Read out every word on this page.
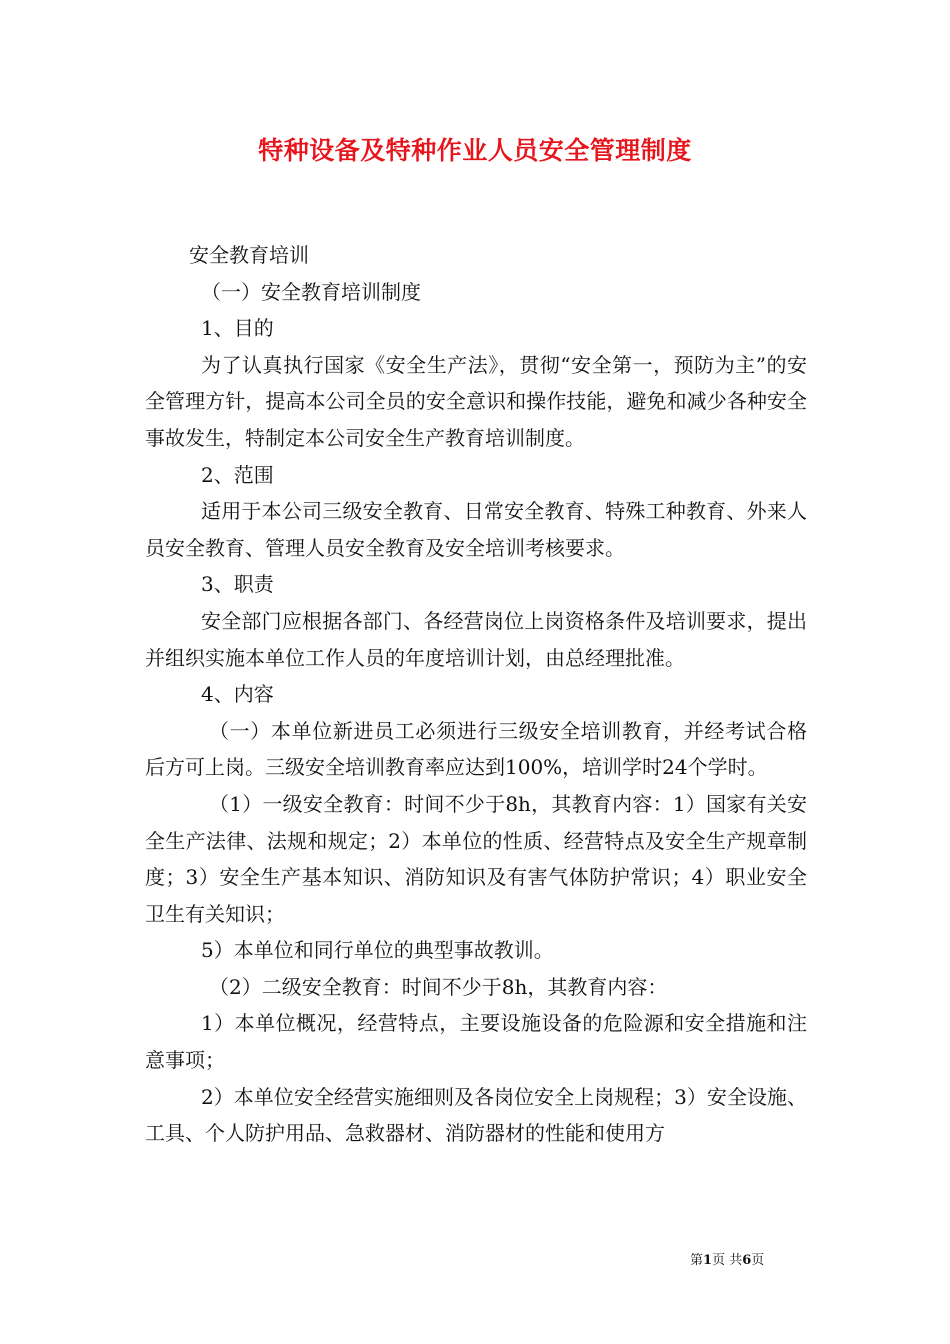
特种设备及特种作业人员安全管理制度

安全教育培训

（一）安全教育培训制度

1、目的

为了认真执行国家《安全生产法》，贯彻“安全第一，预防为主”的安全管理方针，提高本公司全员的安全意识和操作技能，避免和减少各种安全事故发生，特制定本公司安全生产教育培训制度。

2、范围

适用于本公司三级安全教育、日常安全教育、特殊工种教育、外来人员安全教育、管理人员安全教育及安全培训考核要求。

3、职责

安全部门应根据各部门、各经营岗位上岗资格条件及培训要求，提出并组织实施本单位工作人员的年度培训计划，由总经理批准。

4、内容

（一）本单位新进员工必须进行三级安全培训教育，并经考试合格后方可上岗。三级安全培训教育率应达到100%，培训学时24个学时。

（1）一级安全教育：时间不少于8h，其教育内容：1）国家有关安全生产法律、法规和规定；2）本单位的性质、经营特点及安全生产规章制度；3）安全生产基本知识、消防知识及有害气体防护常识；4）职业安全卫生有关知识；

5）本单位和同行单位的典型事故教训。

（2）二级安全教育：时间不少于8h，其教育内容：

1）本单位概况，经营特点，主要设施设备的危险源和安全措施和注意事项；

2）本单位安全经营实施细则及各岗位安全上岗规程；3）安全设施、工具、个人防护用品、急救器材、消防器材的性能和使用方

第1页 共6页
